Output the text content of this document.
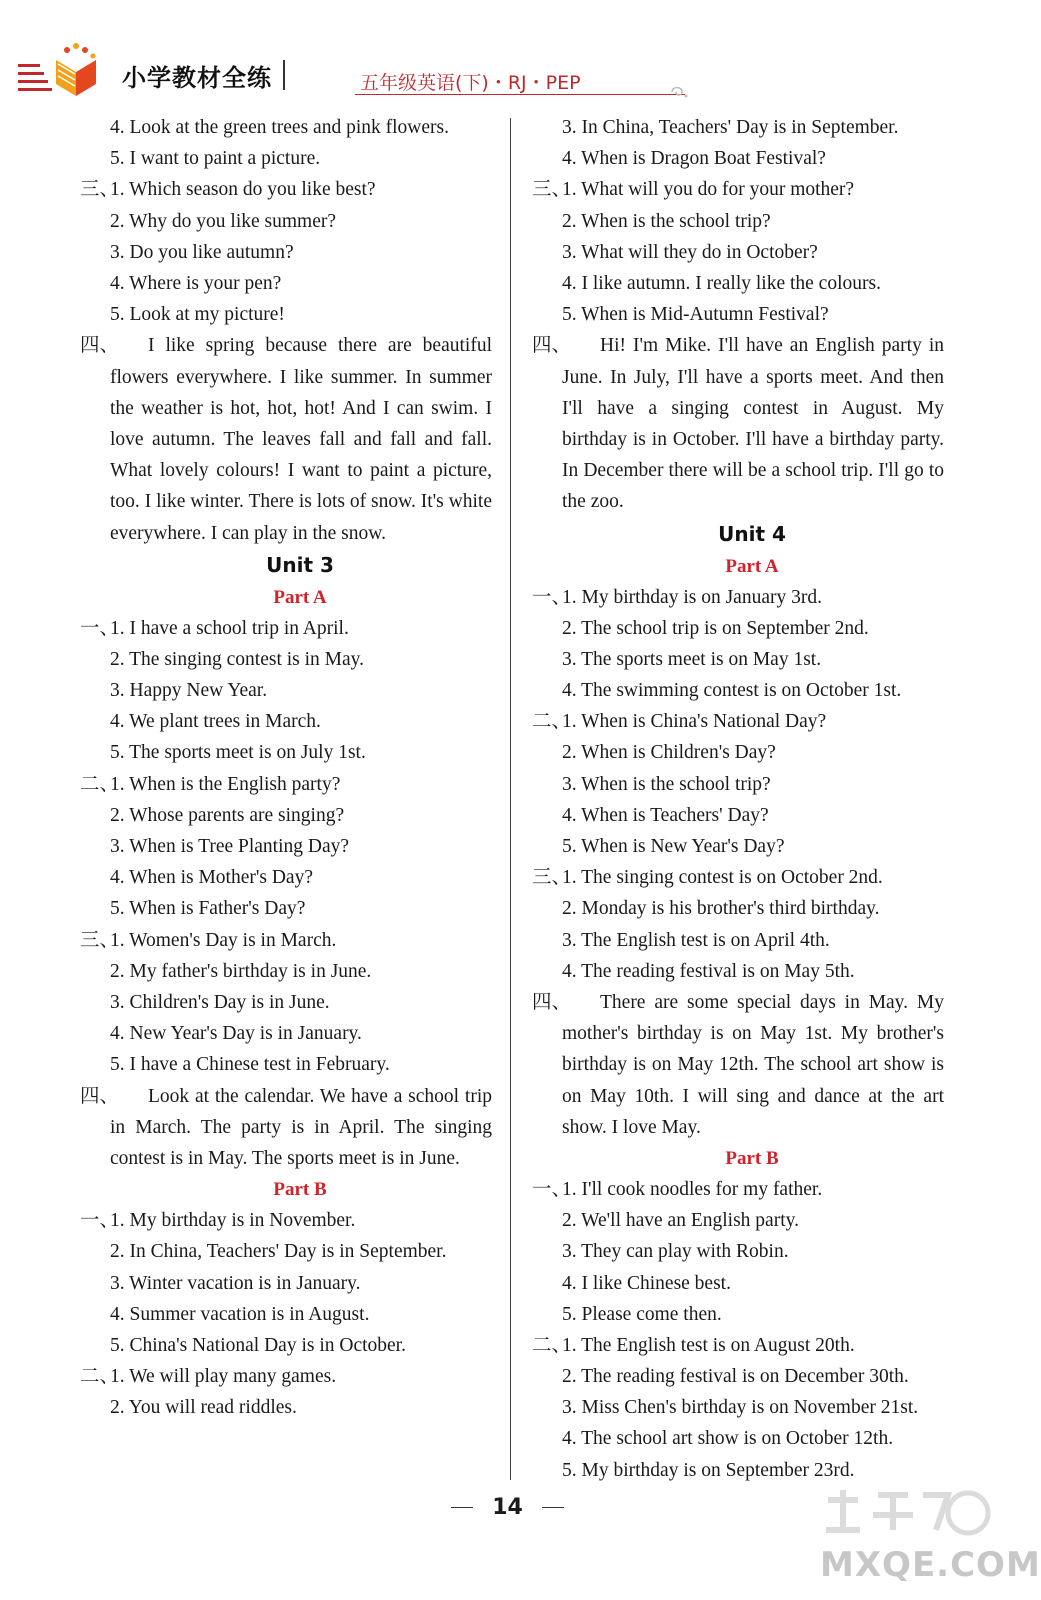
小学教材全练	五年级英语(下)・RJ・PEP
4. Look at the green trees and pink flowers.
5. I want to paint a picture.
三、1. Which season do you like best?
2. Why do you like summer?
3. Do you like autumn?
4. Where is your pen?
5. Look at my picture!
四、	I like spring because there are beautiful flowers everywhere. I like summer. In summer the weather is hot, hot, hot! And I can swim. I love autumn. The leaves fall and fall and fall. What lovely colours! I want to paint a picture, too. I like winter. There is lots of snow. It's white everywhere. I can play in the snow.
Unit 3
Part A
一、1. I have a school trip in April.
2. The singing contest is in May.
3. Happy New Year.
4. We plant trees in March.
5. The sports meet is on July 1st.
二、1. When is the English party?
2. Whose parents are singing?
3. When is Tree Planting Day?
4. When is Mother's Day?
5. When is Father's Day?
三、1. Women's Day is in March.
2. My father's birthday is in June.
3. Children's Day is in June.
4. New Year's Day is in January.
5. I have a Chinese test in February.
四、	Look at the calendar. We have a school trip in March. The party is in April. The singing contest is in May. The sports meet is in June.
Part B
一、1. My birthday is in November.
2. In China, Teachers' Day is in September.
3. Winter vacation is in January.
4. Summer vacation is in August.
5. China's National Day is in October.
二、1. We will play many games.
2. You will read riddles.
3. In China, Teachers' Day is in September.
4. When is Dragon Boat Festival?
三、1. What will you do for your mother?
2. When is the school trip?
3. What will they do in October?
4. I like autumn. I really like the colours.
5. When is Mid-Autumn Festival?
四、	Hi! I'm Mike. I'll have an English party in June. In July, I'll have a sports meet. And then I'll have a singing contest in August. My birthday is in October. I'll have a birthday party. In December there will be a school trip. I'll go to the zoo.
Unit 4
Part A
一、1. My birthday is on January 3rd.
2. The school trip is on September 2nd.
3. The sports meet is on May 1st.
4. The swimming contest is on October 1st.
二、1. When is China's National Day?
2. When is Children's Day?
3. When is the school trip?
4. When is Teachers' Day?
5. When is New Year's Day?
三、1. The singing contest is on October 2nd.
2. Monday is his brother's third birthday.
3. The English test is on April 4th.
4. The reading festival is on May 5th.
四、	There are some special days in May. My mother's birthday is on May 1st. My brother's birthday is on May 12th. The school art show is on May 10th. I will sing and dance at the art show. I love May.
Part B
一、1. I'll cook noodles for my father.
2. We'll have an English party.
3. They can play with Robin.
4. I like Chinese best.
5. Please come then.
二、1. The English test is on August 20th.
2. The reading festival is on December 30th.
3. Miss Chen's birthday is on November 21st.
4. The school art show is on October 12th.
5. My birthday is on September 23rd.
14
MXQE.COM
